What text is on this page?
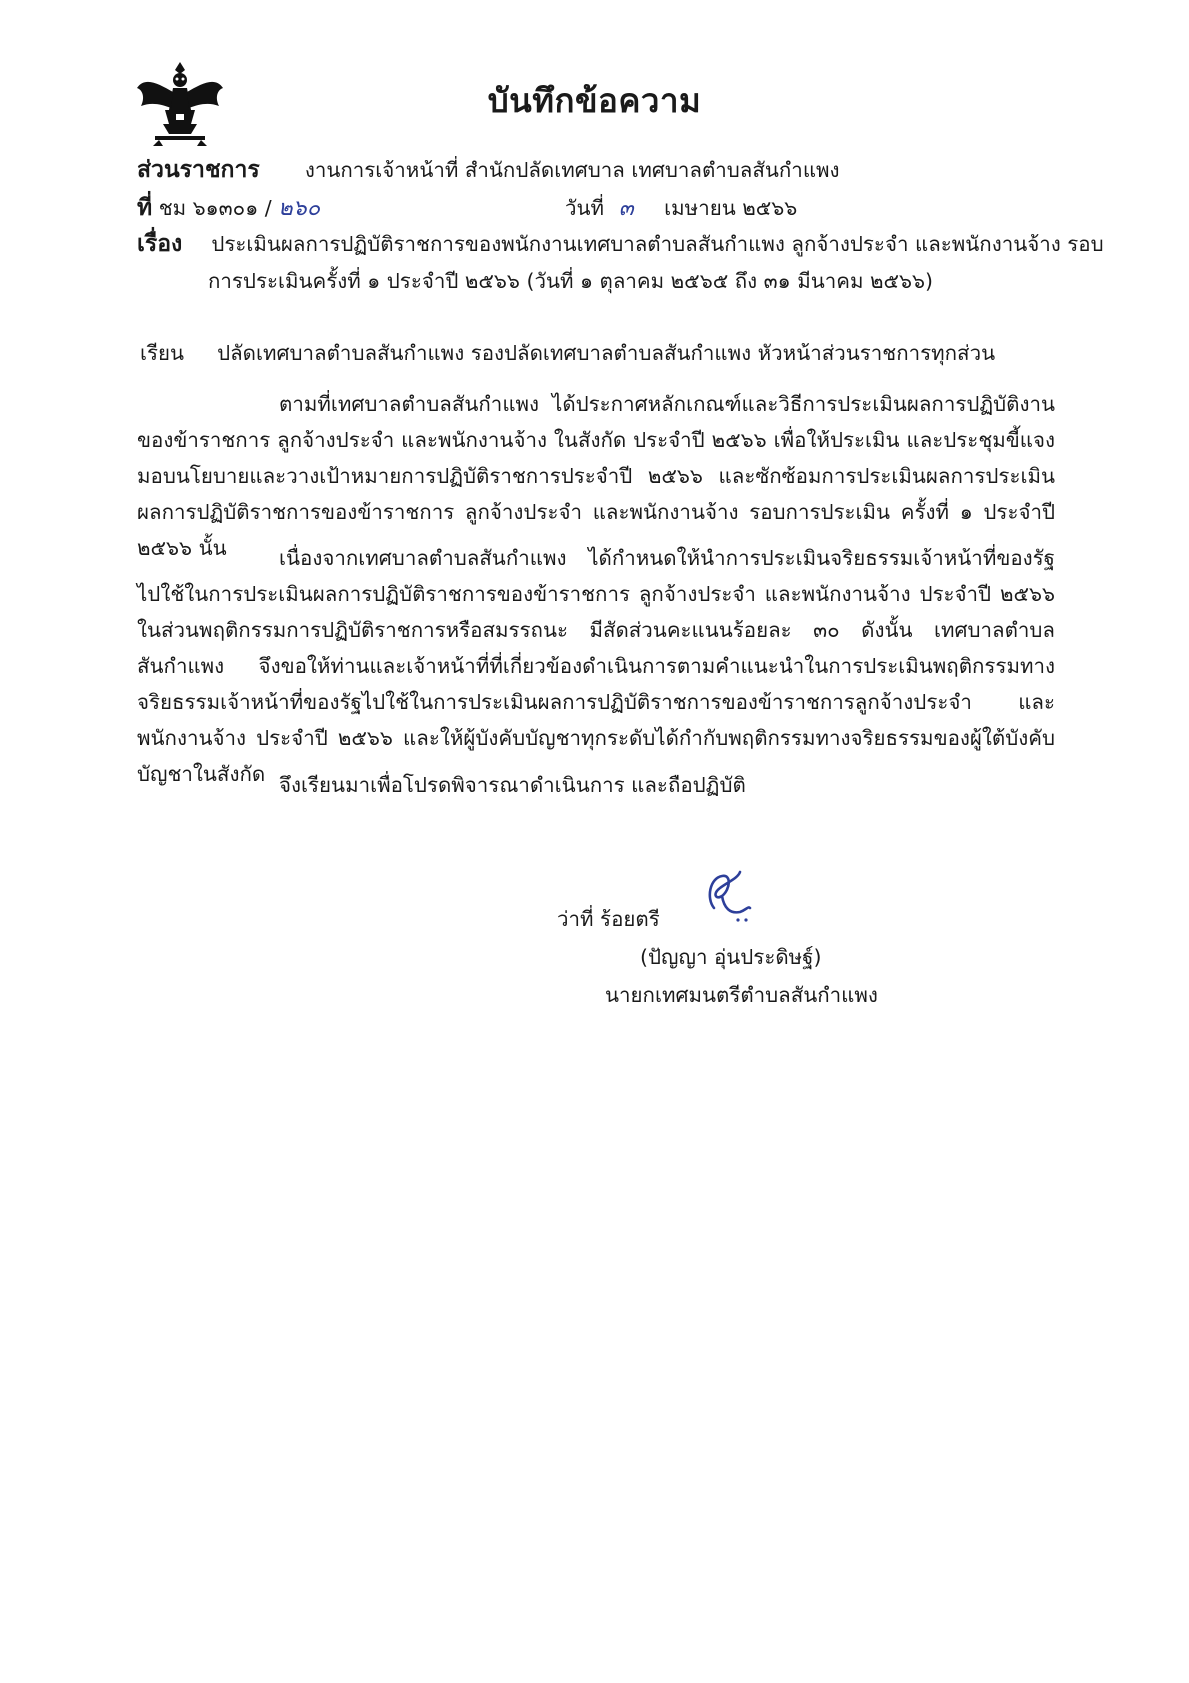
บันทึกข้อความ
ส่วนราชการ งานการเจ้าหน้าที่ สำนักปลัดเทศบาล เทศบาลตำบลสันกำแพง
ที่ ชม ๖๑๓๐๑ / ๒๖๐	วันที่ ๓ เมษายน ๒๕๖๖
เรื่อง ประเมินผลการปฏิบัติราชการของพนักงานเทศบาลตำบลสันกำแพง ลูกจ้างประจำ และพนักงานจ้าง รอบ
การประเมินครั้งที่ ๑ ประจำปี ๒๕๖๖ (วันที่ ๑ ตุลาคม ๒๕๖๕ ถึง ๓๑ มีนาคม ๒๕๖๖)
เรียน ปลัดเทศบาลตำบลสันกำแพง รองปลัดเทศบาลตำบลสันกำแพง หัวหน้าส่วนราชการทุกส่วน
ตามที่เทศบาลตำบลสันกำแพง ได้ประกาศหลักเกณฑ์และวิธีการประเมินผลการปฏิบัติงานของข้าราชการ ลูกจ้างประจำ และพนักงานจ้าง ในสังกัด ประจำปี ๒๕๖๖ เพื่อให้ประเมิน และประชุมขี้แจงมอบนโยบายและวางเป้าหมายการปฏิบัติราชการประจำปี ๒๕๖๖ และซักซ้อมการประเมินผลการประเมินผลการปฏิบัติราชการของข้าราชการ ลูกจ้างประจำ และพนักงานจ้าง รอบการประเมิน ครั้งที่ ๑ ประจำปี ๒๕๖๖ นั้น	เนื่องจากเทศบาลตำบลสันกำแพง ได้กำหนดให้นำการประเมินจริยธรรมเจ้าหน้าที่ของรัฐไปใช้ในการประเมินผลการปฏิบัติราชการของข้าราชการ ลูกจ้างประจำ และพนักงานจ้าง ประจำปี ๒๕๖๖ ในส่วนพฤติกรรมการปฏิบัติราชการหรือสมรรถนะ มีสัดส่วนคะแนนร้อยละ ๓๐ ดังนั้น เทศบาลตำบลสันกำแพง จึงขอให้ท่านและเจ้าหน้าที่ที่เกี่ยวข้องดำเนินการตามคำแนะนำในการประเมินพฤติกรรมทางจริยธรรมเจ้าหน้าที่ของรัฐไปใช้ในการประเมินผลการปฏิบัติราชการของข้าราชการลูกจ้างประจำ และพนักงานจ้าง ประจำปี ๒๕๖๖ และให้ผู้บังคับบัญชาทุกระดับได้กำกับพฤติกรรมทางจริยธรรมของผู้ใต้บังคับบัญชาในสังกัด จึงเรียนมาเพื่อโปรดพิจารณาดำเนินการ และถือปฏิบัติ
ว่าที่ ร้อยตรี
(ปัญญา อุ่นประดิษฐ์)
นายกเทศมนตรีตำบลสันกำแพง
